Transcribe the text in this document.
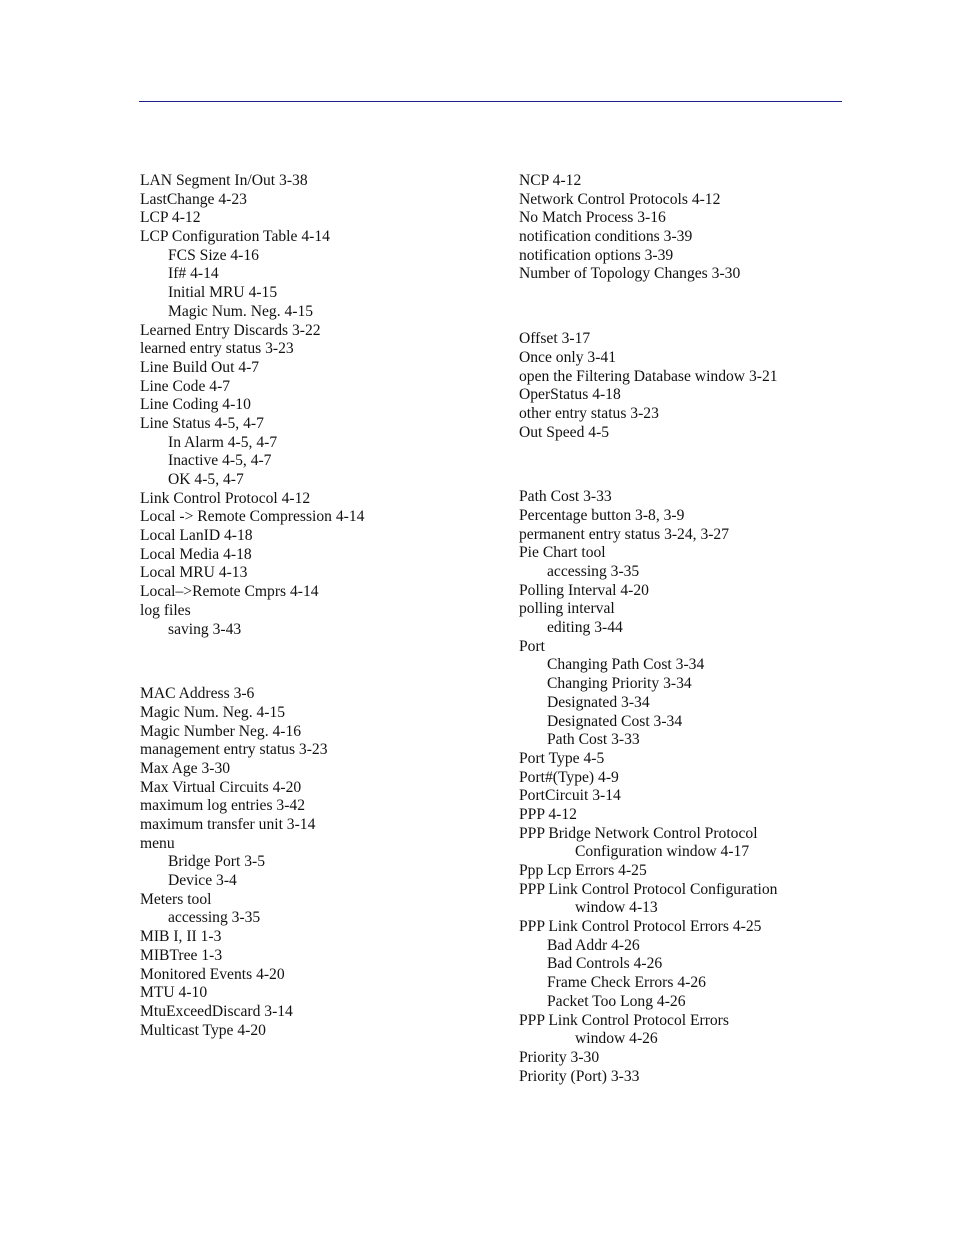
LAN Segment In/Out 3-38
LastChange 4-23
LCP 4-12
LCP Configuration Table 4-14
FCS Size 4-16
If# 4-14
Initial MRU 4-15
Magic Num. Neg. 4-15
Learned Entry Discards 3-22
learned entry status 3-23
Line Build Out 4-7
Line Code 4-7
Line Coding 4-10
Line Status 4-5, 4-7
In Alarm 4-5, 4-7
Inactive 4-5, 4-7
OK 4-5, 4-7
Link Control Protocol 4-12
Local -> Remote Compression 4-14
Local LanID 4-18
Local Media 4-18
Local MRU 4-13
Local–>Remote Cmprs 4-14
log files
saving 3-43
MAC Address 3-6
Magic Num. Neg. 4-15
Magic Number Neg. 4-16
management entry status 3-23
Max Age 3-30
Max Virtual Circuits 4-20
maximum log entries 3-42
maximum transfer unit 3-14
menu
Bridge Port 3-5
Device 3-4
Meters tool
accessing 3-35
MIB I, II 1-3
MIBTree 1-3
Monitored Events 4-20
MTU 4-10
MtuExceedDiscard 3-14
Multicast Type 4-20
NCP 4-12
Network Control Protocols 4-12
No Match Process 3-16
notification conditions 3-39
notification options 3-39
Number of Topology Changes 3-30
Offset 3-17
Once only 3-41
open the Filtering Database window 3-21
OperStatus 4-18
other entry status 3-23
Out Speed 4-5
Path Cost 3-33
Percentage button 3-8, 3-9
permanent entry status 3-24, 3-27
Pie Chart tool
accessing 3-35
Polling Interval 4-20
polling interval
editing 3-44
Port
Changing Path Cost 3-34
Changing Priority 3-34
Designated 3-34
Designated Cost 3-34
Path Cost 3-33
Port Type 4-5
Port#(Type) 4-9
PortCircuit 3-14
PPP 4-12
PPP Bridge Network Control Protocol
Configuration window 4-17
Ppp Lcp Errors 4-25
PPP Link Control Protocol Configuration
window 4-13
PPP Link Control Protocol Errors 4-25
Bad Addr 4-26
Bad Controls 4-26
Frame Check Errors 4-26
Packet Too Long 4-26
PPP Link Control Protocol Errors
window 4-26
Priority 3-30
Priority (Port) 3-33
